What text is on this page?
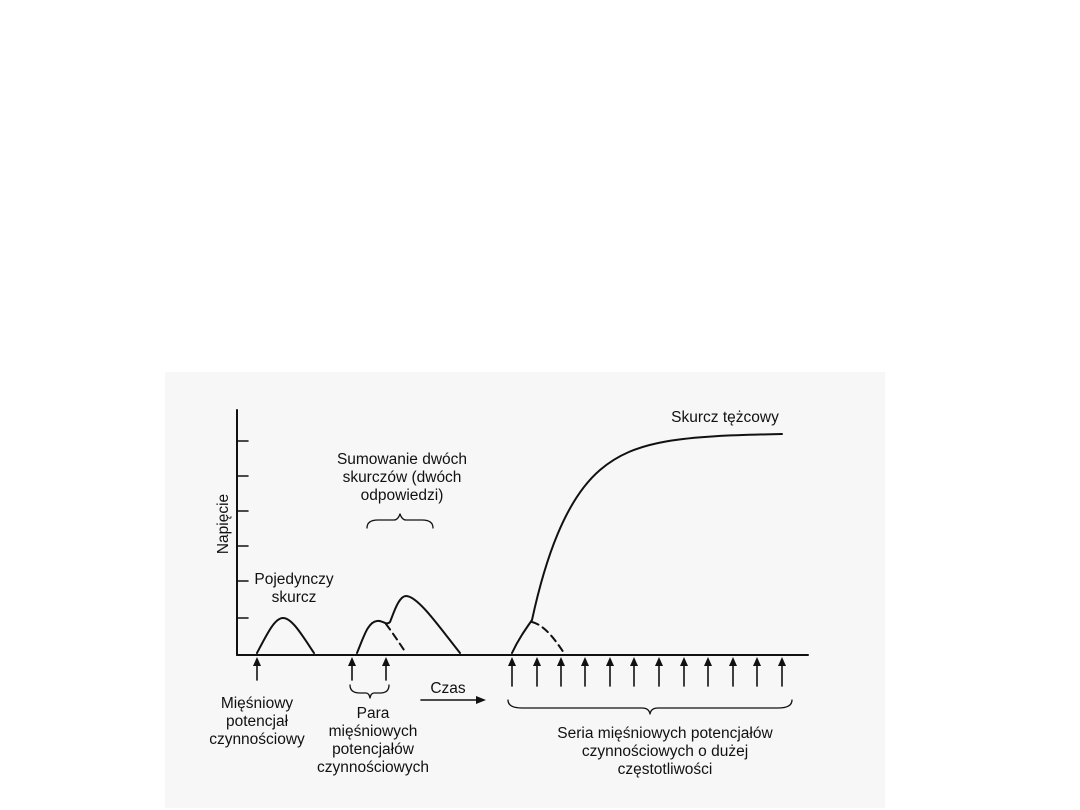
Napięcie
Skurcz tężcowy
Sumowanie dwóch
skurczów (dwóch
odpowiedzi)
Pojedynczy
skurcz
Mięśniowy
potencjał
czynnościowy
Para
mięśniowych
potencjałów
czynnościowych
Czas
Seria mięśniowych potencjałów
czynnościowych o dużej
częstotliwości
